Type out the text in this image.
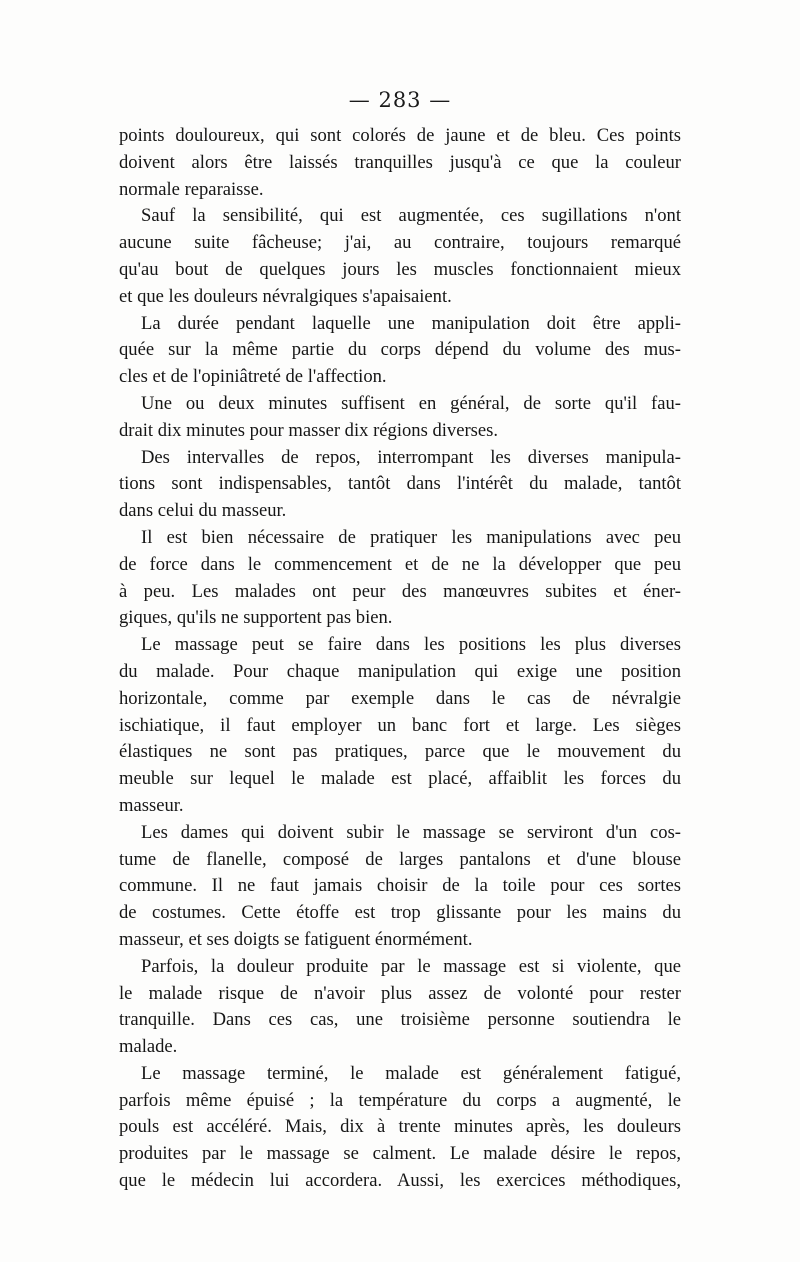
— 283 —
points douloureux, qui sont colorés de jaune et de bleu. Ces points
doivent alors être laissés tranquilles jusqu'à ce que la couleur
normale reparaisse.
Sauf la sensibilité, qui est augmentée, ces sugillations n'ont
aucune suite fâcheuse; j'ai, au contraire, toujours remarqué
qu'au bout de quelques jours les muscles fonctionnaient mieux
et que les douleurs névralgiques s'apaisaient.
La durée pendant laquelle une manipulation doit être appli-
quée sur la même partie du corps dépend du volume des mus-
cles et de l'opiniâtreté de l'affection.
Une ou deux minutes suffisent en général, de sorte qu'il fau-
drait dix minutes pour masser dix régions diverses.
Des intervalles de repos, interrompant les diverses manipula-
tions sont indispensables, tantôt dans l'intérêt du malade, tantôt
dans celui du masseur.
Il est bien nécessaire de pratiquer les manipulations avec peu
de force dans le commencement et de ne la développer que peu
à peu. Les malades ont peur des manœuvres subites et éner-
giques, qu'ils ne supportent pas bien.
Le massage peut se faire dans les positions les plus diverses
du malade. Pour chaque manipulation qui exige une position
horizontale, comme par exemple dans le cas de névralgie
ischiatique, il faut employer un banc fort et large. Les sièges
élastiques ne sont pas pratiques, parce que le mouvement du
meuble sur lequel le malade est placé, affaiblit les forces du
masseur.
Les dames qui doivent subir le massage se serviront d'un cos-
tume de flanelle, composé de larges pantalons et d'une blouse
commune. Il ne faut jamais choisir de la toile pour ces sortes
de costumes. Cette étoffe est trop glissante pour les mains du
masseur, et ses doigts se fatiguent énormément.
Parfois, la douleur produite par le massage est si violente, que
le malade risque de n'avoir plus assez de volonté pour rester
tranquille. Dans ces cas, une troisième personne soutiendra le
malade.
Le massage terminé, le malade est généralement fatigué,
parfois même épuisé ; la température du corps a augmenté, le
pouls est accéléré. Mais, dix à trente minutes après, les douleurs
produites par le massage se calment. Le malade désire le repos,
que le médecin lui accordera. Aussi, les exercices méthodiques,
